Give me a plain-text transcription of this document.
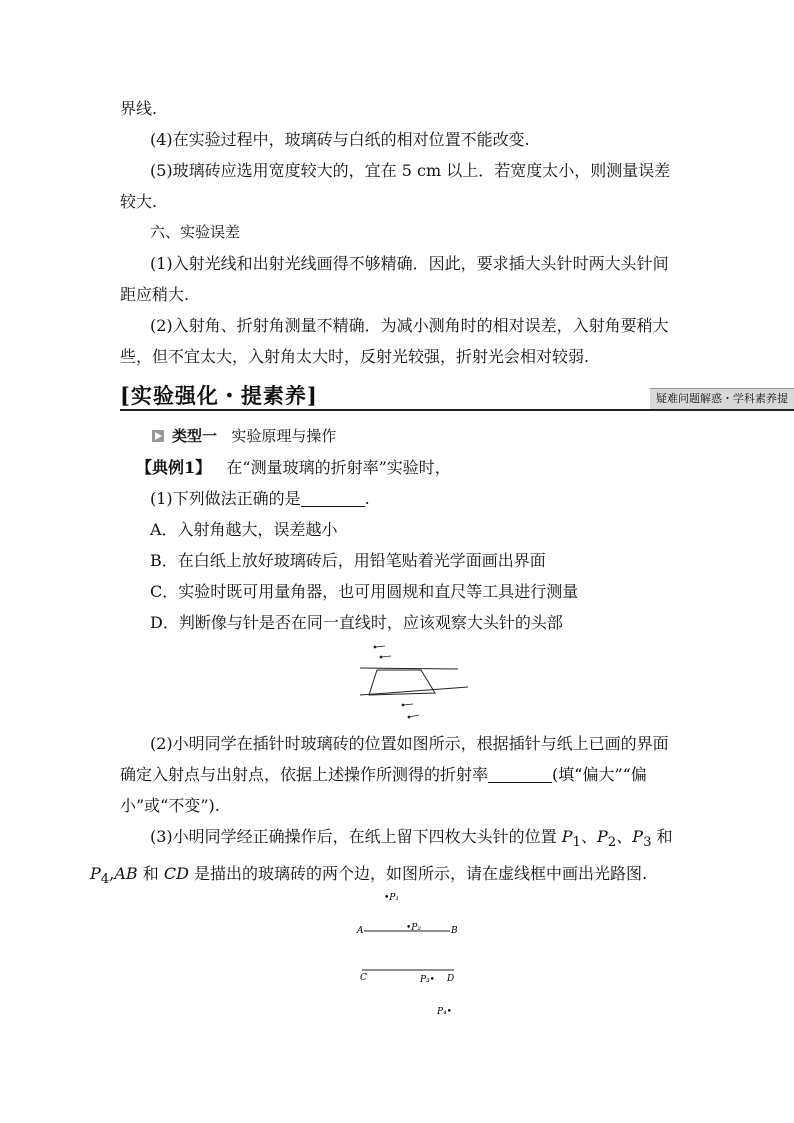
界线.

(4)在实验过程中，玻璃砖与白纸的相对位置不能改变.

(5)玻璃砖应选用宽度较大的，宜在 5 cm 以上．若宽度太小，则测量误差较大.

六、实验误差

(1)入射光线和出射光线画得不够精确．因此，要求插大头针时两大头针间距应稍大.

(2)入射角、折射角测量不精确．为减小测角时的相对误差，入射角要稍大些，但不宜太大，入射角太大时，反射光较强，折射光会相对较弱.

[实验强化・提素养]	疑难问题解惑・学科素养提

类型一 实验原理与操作

【典例1】 在“测量玻璃的折射率”实验时，

(1)下列做法正确的是	.

A．入射角越大，误差越小

B．在白纸上放好玻璃砖后，用铅笔贴着光学面画出界面

C．实验时既可用量角器，也可用圆规和直尺等工具进行测量

D．判断像与针是否在同一直线时，应该观察大头针的头部

(2)小明同学在插针时玻璃砖的位置如图所示，根据插针与纸上已画的界面确定入射点与出射点，依据上述操作所测得的折射率	(填“偏大”“偏小”或“不变”).

(3)小明同学经正确操作后，在纸上留下四枚大头针的位置 $P_1$、$P_2$、$P_3$ 和
$P_4,AB$ 和 CD 是描出的玻璃砖的两个边，如图所示，请在虚线框中画出光路图.

•P₁
A	•P₂	B
C	P₃• D
P₄•
